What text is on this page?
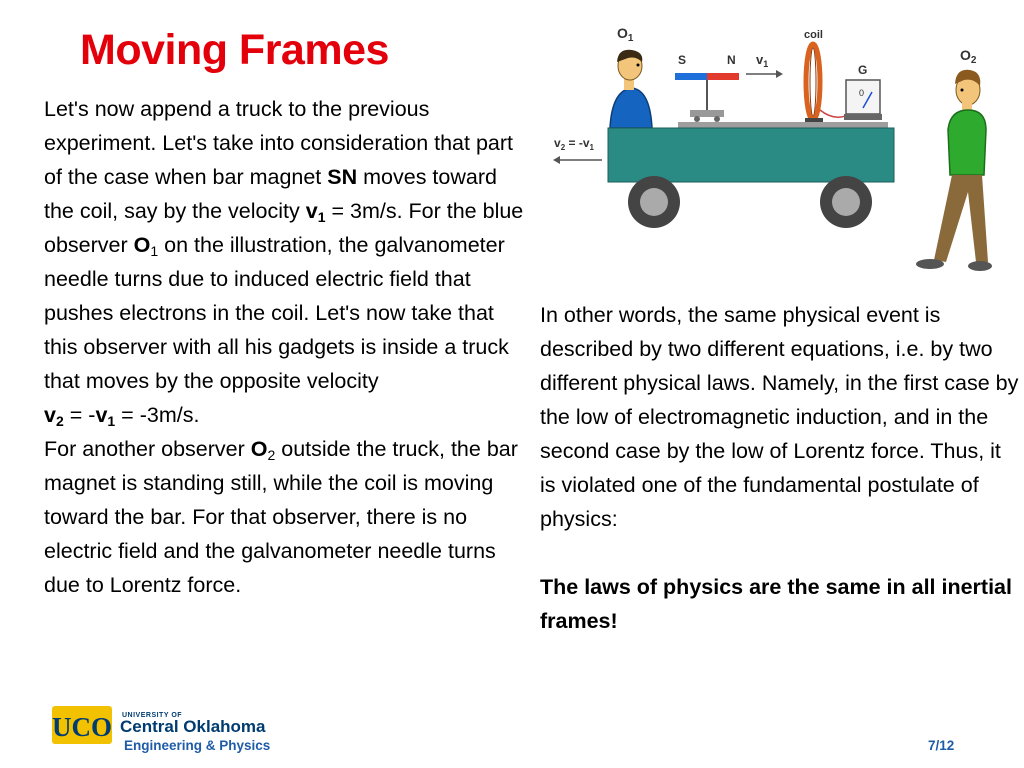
Moving Frames

Let's now append a truck to the previous experiment. Let's take into consideration that part of the case when bar magnet SN moves toward the coil, say by the velocity $v_1 = 3m/s$. For the blue observer $O_1$ on the illustration, the galvanometer needle turns due to induced electric field that pushes electrons in the coil. Let's now take that this observer with all his gadgets is inside a truck that moves by the opposite velocity

$v_2 = -v_1 = -3m/s$.

For another observer $O_2$ outside the truck, the bar magnet is standing still, while the coil is moving toward the bar. For that observer, there is no electric field and the galvanometer needle turns due to Lorentz force.

$O_1$	coil
$O_2$
S	N $v_1$	G
0
$v_2 = -v_1$

In other words, the same physical event is described by two different equations, i.e. by two different physical laws. Namely, in the first case by the low of electromagnetic induction, and in the second case by the low of Lorentz force. Thus, it is violated one of the fundamental postulate of physics:

The laws of physics are the same in all inertial frames!

UCO UNIVERSITY OF
Central Oklahoma
Engineering & Physics	7/12
